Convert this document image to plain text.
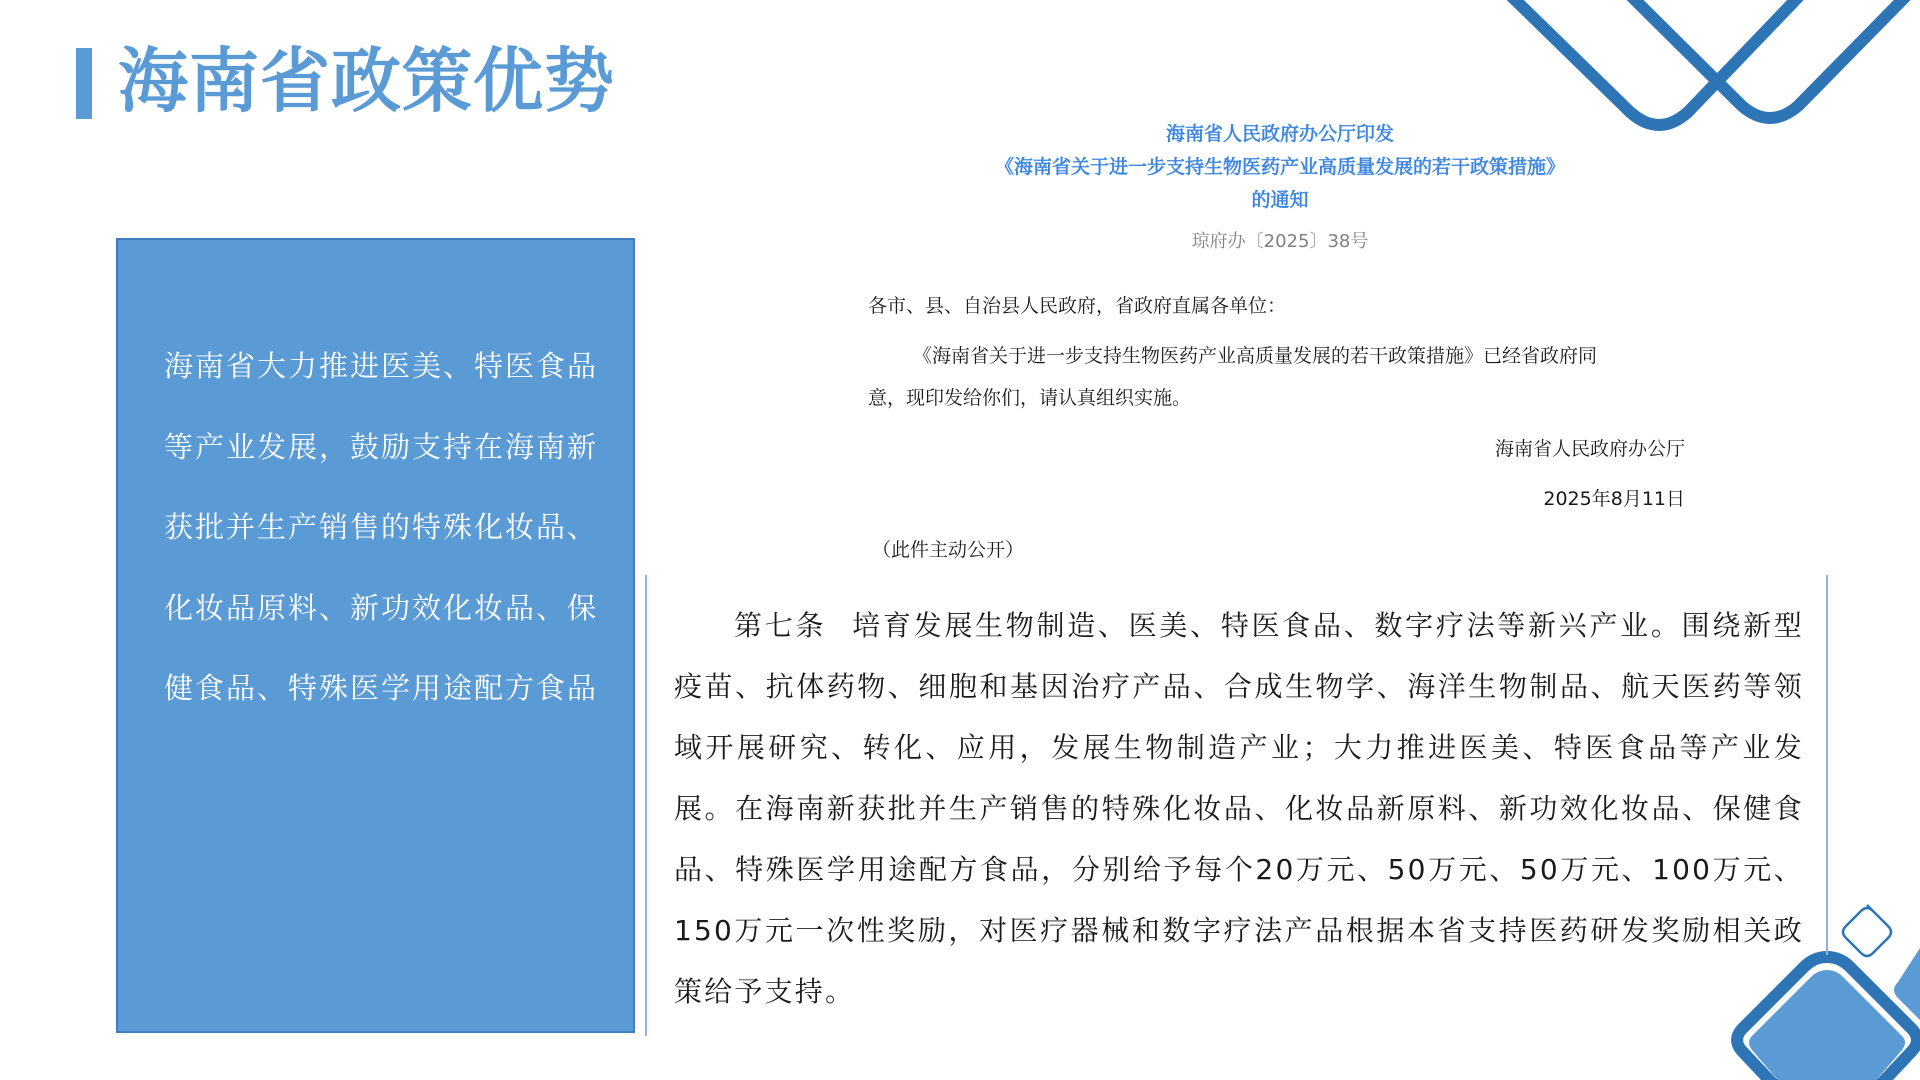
海南省政策优势

海南省大力推进医美、特医食品等产业发展，鼓励支持在海南新获批并生产销售的特殊化妆品、化妆品原料、新功效化妆品、保健食品、特殊医学用途配方食品

海南省人民政府办公厅印发
《海南省关于进一步支持生物医药产业高质量发展的若干政策措施》
的通知
琼府办〔2025〕38号
各市、县、自治县人民政府，省政府直属各单位：
《海南省关于进一步支持生物医药产业高质量发展的若干政策措施》已经省政府同
意，现印发给你们，请认真组织实施。
海南省人民政府办公厅
2025年8月11日
（此件主动公开）

第七条 培育发展生物制造、医美、特医食品、数字疗法等新兴产业。围绕新型疫苗、抗体药物、细胞和基因治疗产品、合成生物学、海洋生物制品、航天医药等领域开展研究、转化、应用，发展生物制造产业；大力推进医美、特医食品等产业发展。在海南新获批并生产销售的特殊化妆品、化妆品新原料、新功效化妆品、保健食品、特殊医学用途配方食品，分别给予每个20万元、50万元、50万元、100万元、150万元一次性奖励，对医疗器械和数字疗法产品根据本省支持医药研发奖励相关政策给予支持。
